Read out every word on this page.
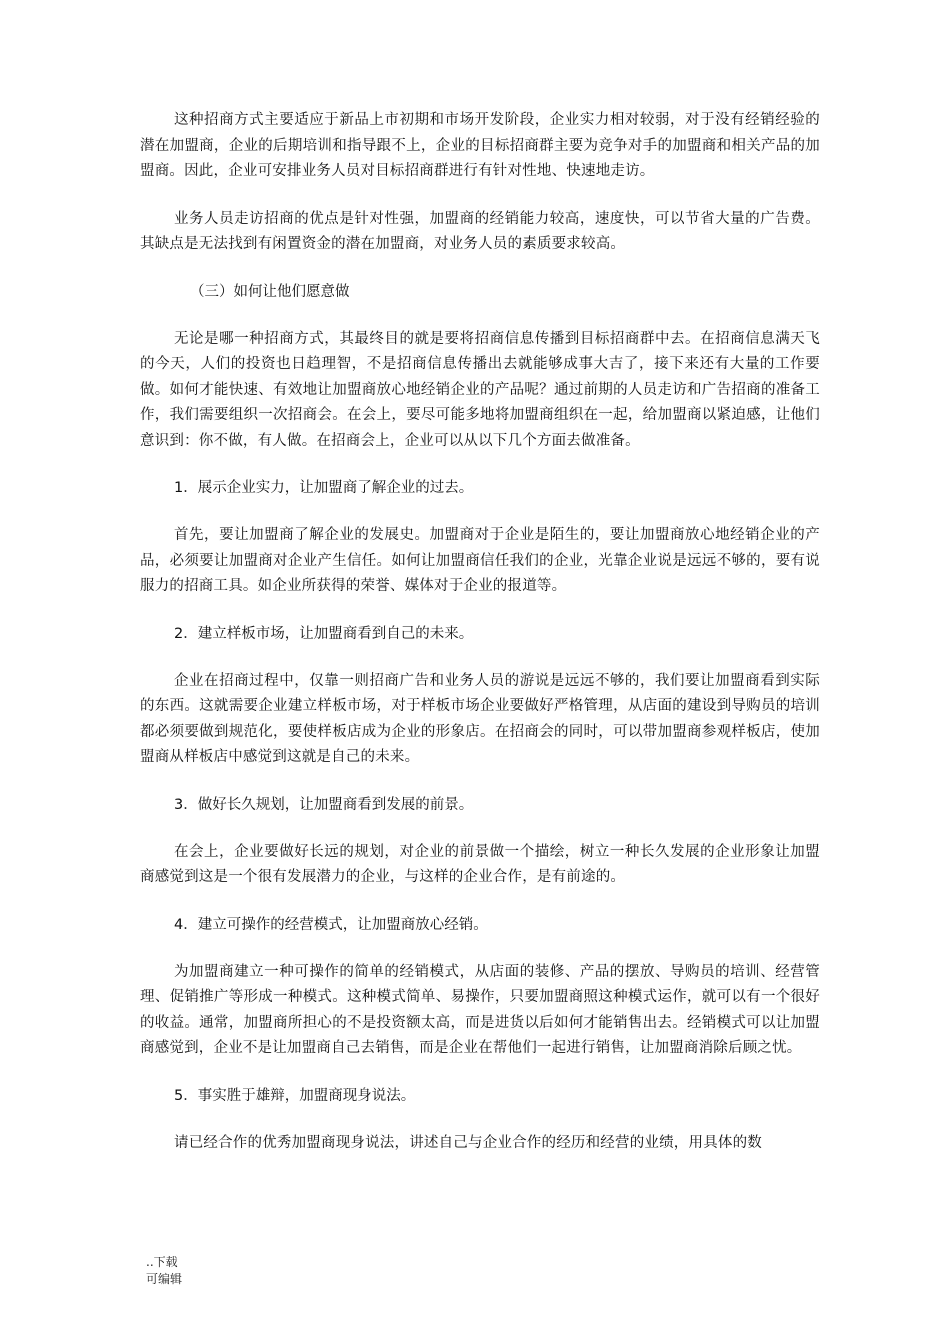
这种招商方式主要适应于新品上市初期和市场开发阶段，企业实力相对较弱，对于没有经销经验的潜在加盟商，企业的后期培训和指导跟不上，企业的目标招商群主要为竞争对手的加盟商和相关产品的加盟商。因此，企业可安排业务人员对目标招商群进行有针对性地、快速地走访。

业务人员走访招商的优点是针对性强，加盟商的经销能力较高，速度快，可以节省大量的广告费。其缺点是无法找到有闲置资金的潜在加盟商，对业务人员的素质要求较高。

（三）如何让他们愿意做

无论是哪一种招商方式，其最终目的就是要将招商信息传播到目标招商群中去。在招商信息满天飞的今天，人们的投资也日趋理智，不是招商信息传播出去就能够成事大吉了，接下来还有大量的工作要做。如何才能快速、有效地让加盟商放心地经销企业的产品呢？通过前期的人员走访和广告招商的准备工作，我们需要组织一次招商会。在会上，要尽可能多地将加盟商组织在一起，给加盟商以紧迫感，让他们意识到：你不做，有人做。在招商会上，企业可以从以下几个方面去做准备。

1．展示企业实力，让加盟商了解企业的过去。

首先，要让加盟商了解企业的发展史。加盟商对于企业是陌生的，要让加盟商放心地经销企业的产品，必须要让加盟商对企业产生信任。如何让加盟商信任我们的企业，光靠企业说是远远不够的，要有说服力的招商工具。如企业所获得的荣誉、媒体对于企业的报道等。

2．建立样板市场，让加盟商看到自己的未来。

企业在招商过程中，仅靠一则招商广告和业务人员的游说是远远不够的，我们要让加盟商看到实际的东西。这就需要企业建立样板市场，对于样板市场企业要做好严格管理，从店面的建设到导购员的培训都必须要做到规范化，要使样板店成为企业的形象店。在招商会的同时，可以带加盟商参观样板店，使加盟商从样板店中感觉到这就是自己的未来。

3．做好长久规划，让加盟商看到发展的前景。

在会上，企业要做好长远的规划，对企业的前景做一个描绘，树立一种长久发展的企业形象让加盟商感觉到这是一个很有发展潜力的企业，与这样的企业合作，是有前途的。

4．建立可操作的经营模式，让加盟商放心经销。

为加盟商建立一种可操作的简单的经销模式，从店面的装修、产品的摆放、导购员的培训、经营管理、促销推广等形成一种模式。这种模式简单、易操作，只要加盟商照这种模式运作，就可以有一个很好的收益。通常，加盟商所担心的不是投资额太高，而是进货以后如何才能销售出去。经销模式可以让加盟商感觉到，企业不是让加盟商自己去销售，而是企业在帮他们一起进行销售，让加盟商消除后顾之忧。

5．事实胜于雄辩，加盟商现身说法。

请已经合作的优秀加盟商现身说法，讲述自己与企业合作的经历和经营的业绩，用具体的数

..下载
可编辑
